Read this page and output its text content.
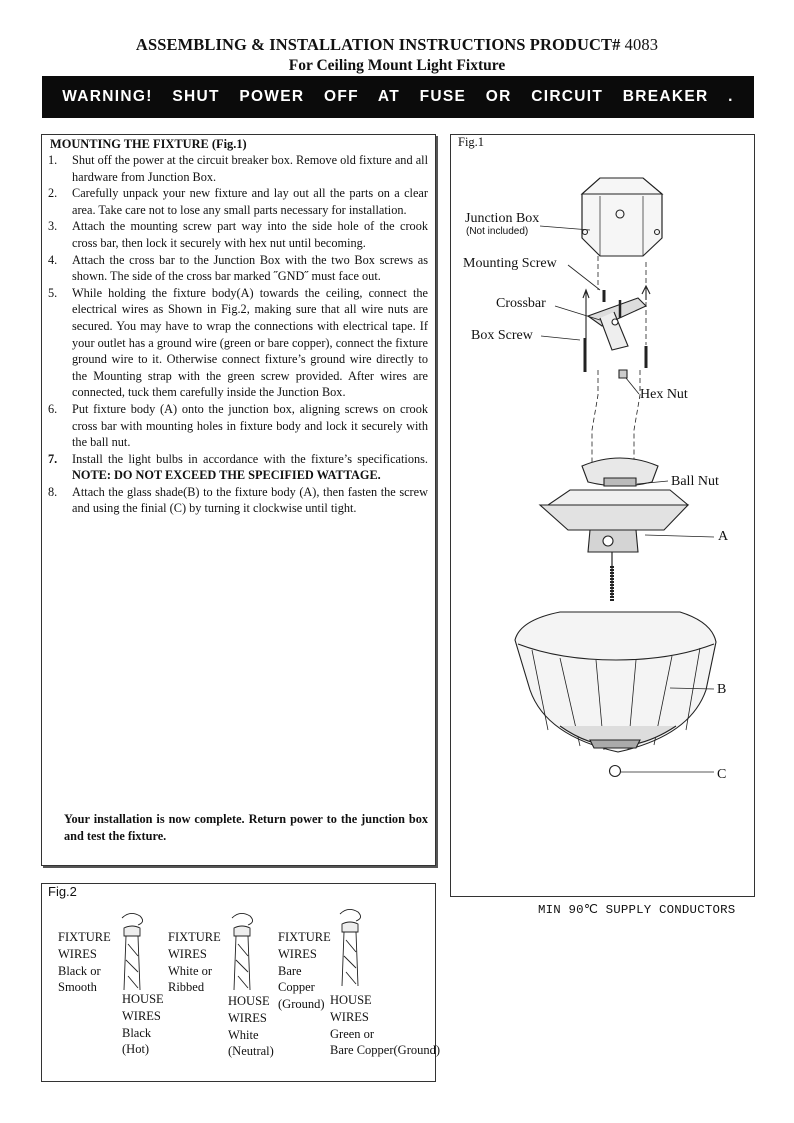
ASSEMBLING & INSTALLATION INSTRUCTIONS PRODUCT# 4083
For Ceiling Mount Light Fixture
WARNING! SHUT POWER OFF AT FUSE OR CIRCUIT BREAKER .
MOUNTING THE FIXTURE (Fig.1)
1. Shut off the power at the circuit breaker box. Remove old fixture and all hardware from Junction Box.
2. Carefully unpack your new fixture and lay out all the parts on a clear area. Take care not to lose any small parts necessary for installation.
3. Attach the mounting screw part way into the side hole of the crook cross bar, then lock it securely with hex nut until becoming.
4. Attach the cross bar to the Junction Box with the two Box screws as shown. The side of the cross bar marked ˝GND˝ must face out.
5. While holding the fixture body(A) towards the ceiling, connect the electrical wires as Shown in Fig.2, making sure that all wire nuts are secured. You may have to wrap the connections with electrical tape. If your outlet has a ground wire (green or bare copper), connect the fixture ground wire to it. Otherwise connect fixture’s ground wire directly to the Mounting strap with the green screw provided. After wires are connected, tuck them carefully inside the Junction Box.
6. Put fixture body (A) onto the junction box, aligning screws on crook cross bar with mounting holes in fixture body and lock it securely with the ball nut.
7. Install the light bulbs in accordance with the fixture’s specifications. NOTE: DO NOT EXCEED THE SPECIFIED WATTAGE.
8. Attach the glass shade(B) to the fixture body (A), then fasten the screw and using the finial (C) by turning it clockwise until tight.
Your installation is now complete. Return power to the junction box and test the fixture.
Fig.1
Junction Box
(Not included)
Mounting Screw
Crossbar
Box Screw
Hex Nut
Ball Nut
A
B
C
MIN 90℃ SUPPLY CONDUCTORS
Fig.2
FIXTURE
WIRES
Black or
Smooth
HOUSE
WIRES
Black
(Hot)
FIXTURE
WIRES
White or
Ribbed
HOUSE
WIRES
White
(Neutral)
FIXTURE
WIRES
Bare
Copper
(Ground) HOUSE
WIRES
Green or
Bare Copper(Ground)
